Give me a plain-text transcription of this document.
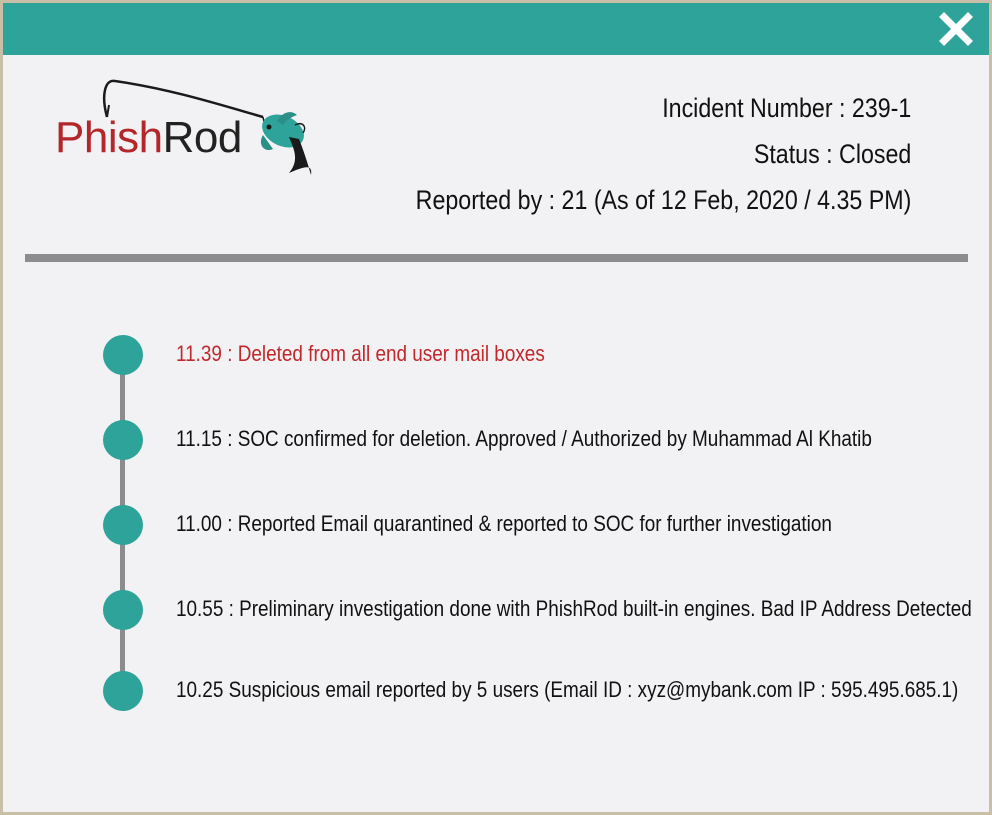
PhishRod
Incident Number : 239-1
Status : Closed
Reported by : 21 (As of 12 Feb, 2020 / 4.35 PM)
11.39 : Deleted from all end user mail boxes
11.15 : SOC confirmed for deletion. Approved / Authorized by Muhammad Al Khatib
11.00 : Reported Email quarantined & reported to SOC for further investigation
10.55 : Preliminary investigation done with PhishRod built-in engines. Bad IP Address Detected
10.25 Suspicious email reported by 5 users (Email ID : xyz@mybank.com IP : 595.495.685.1)
